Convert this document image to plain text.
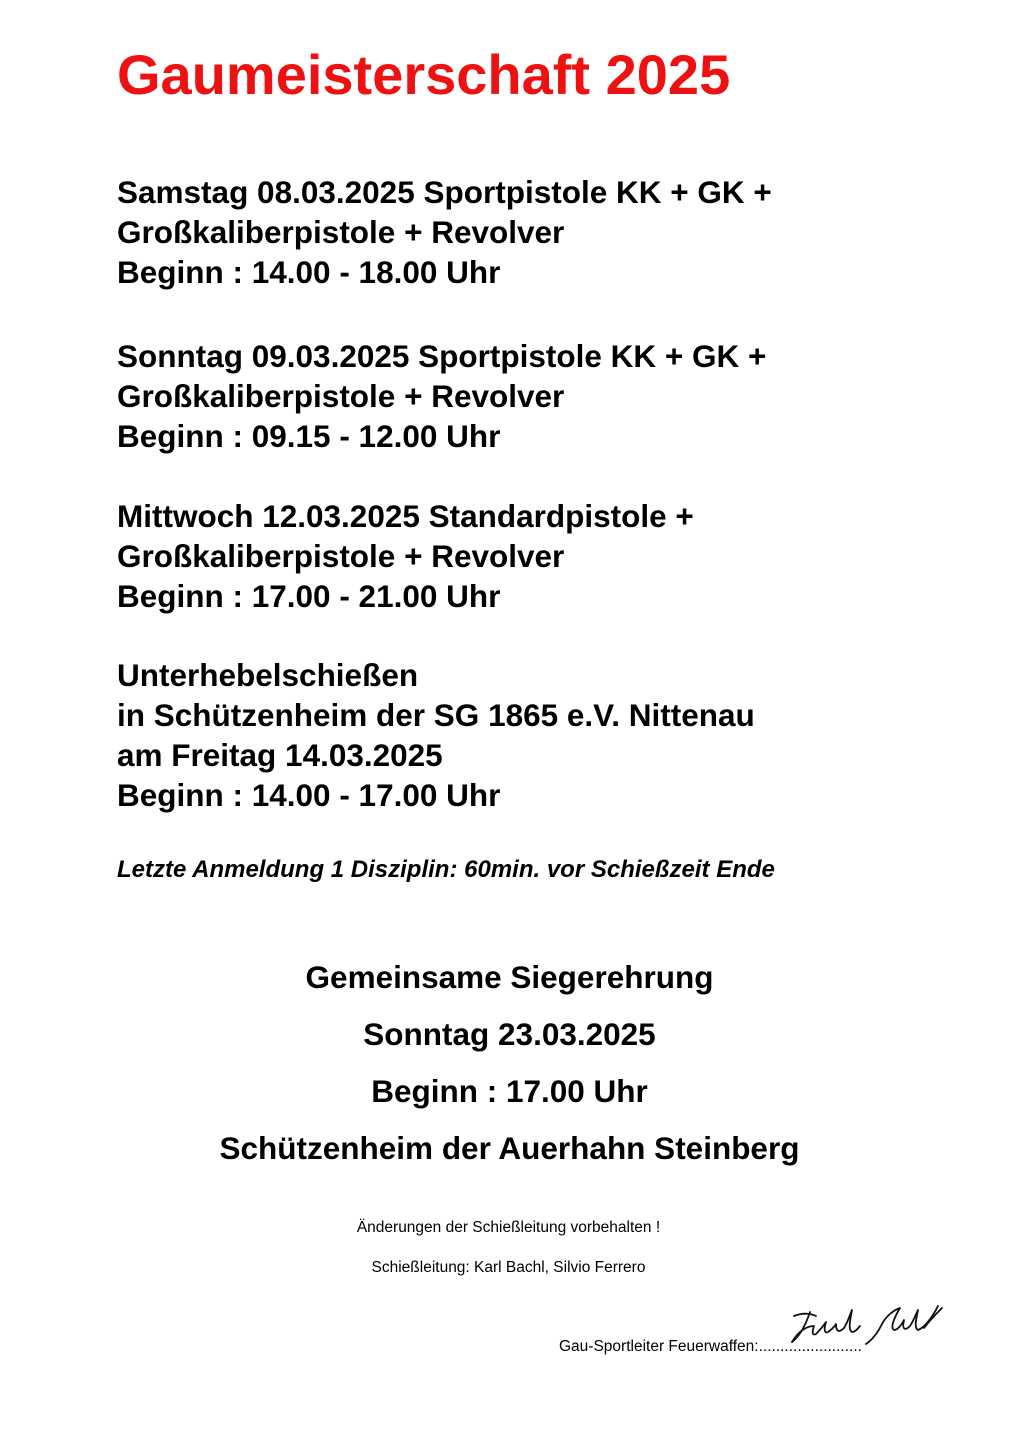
Gaumeisterschaft 2025

Samstag 08.03.2025 Sportpistole KK + GK +

Großkaliberpistole + Revolver

Beginn : 14.00 - 18.00 Uhr

Sonntag 09.03.2025 Sportpistole KK + GK +

Großkaliberpistole + Revolver

Beginn : 09.15 - 12.00 Uhr

Mittwoch 12.03.2025 Standardpistole +

Großkaliberpistole + Revolver

Beginn : 17.00 - 21.00 Uhr

Unterhebelschießen

in Schützenheim der SG 1865 e.V. Nittenau

am Freitag 14.03.2025

Beginn : 14.00 - 17.00 Uhr

Letzte Anmeldung 1 Disziplin: 60min. vor Schießzeit Ende

Gemeinsame Siegerehrung

Sonntag 23.03.2025

Beginn : 17.00 Uhr

Schützenheim der Auerhahn Steinberg

Änderungen der Schießleitung vorbehalten !

Schießleitung: Karl Bachl, Silvio Ferrero

Gau-Sportleiter Feuerwaffen:........................
